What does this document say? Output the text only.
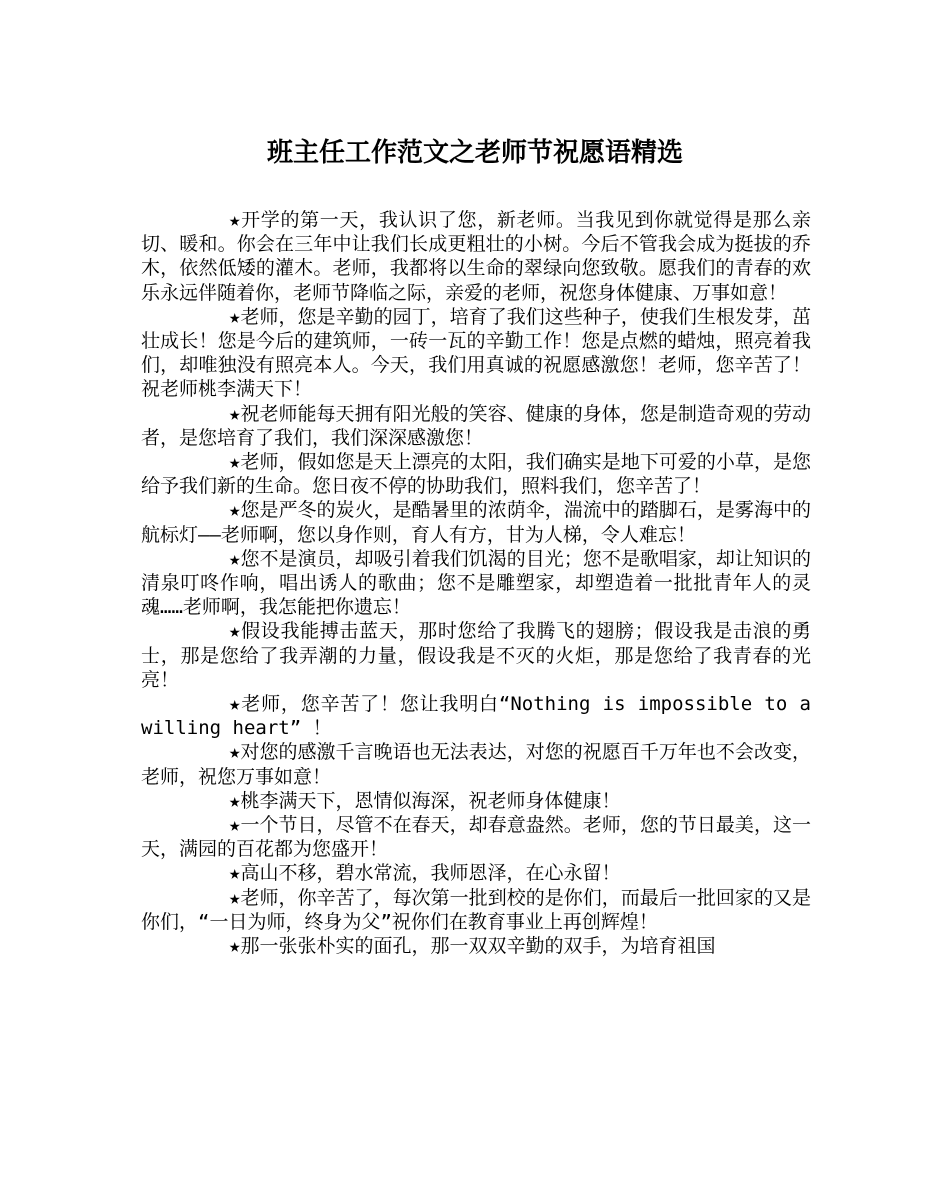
班主任工作范文之老师节祝愿语精选

★开学的第一天，我认识了您，新老师。当我见到你就觉得是那么亲切、暖和。你会在三年中让我们长成更粗壮的小树。今后不管我会成为挺拔的乔木，依然低矮的灌木。老师，我都将以生命的翠绿向您致敬。愿我们的青春的欢乐永远伴随着你，老师节降临之际，亲爱的老师，祝您身体健康、万事如意！

★老师，您是辛勤的园丁，培育了我们这些种子，使我们生根发芽，茁壮成长！您是今后的建筑师，一砖一瓦的辛勤工作！您是点燃的蜡烛，照亮着我们，却唯独没有照亮本人。今天，我们用真诚的祝愿感激您！老师，您辛苦了！祝老师桃李满天下！

★祝老师能每天拥有阳光般的笑容、健康的身体，您是制造奇观的劳动者，是您培育了我们，我们深深感激您！

★老师，假如您是天上漂亮的太阳，我们确实是地下可爱的小草，是您给予我们新的生命。您日夜不停的协助我们，照料我们，您辛苦了！

★您是严冬的炭火，是酷暑里的浓荫伞，湍流中的踏脚石，是雾海中的航标灯——老师啊，您以身作则，育人有方，甘为人梯，令人难忘！

★您不是演员，却吸引着我们饥渴的目光；您不是歌唱家，却让知识的清泉叮咚作响，唱出诱人的歌曲；您不是雕塑家，却塑造着一批批青年人的灵魂……老师啊，我怎能把你遗忘！

★假设我能搏击蓝天，那时您给了我腾飞的翅膀；假设我是击浪的勇士，那是您给了我弄潮的力量，假设我是不灭的火炬，那是您给了我青春的光亮！

★老师，您辛苦了！您让我明白“Nothing is impossible to a willing heart” ！

★对您的感激千言晚语也无法表达，对您的祝愿百千万年也不会改变，老师，祝您万事如意！

★桃李满天下，恩情似海深，祝老师身体健康！

★一个节日，尽管不在春天，却春意盎然。老师，您的节日最美，这一天，满园的百花都为您盛开！

★高山不移，碧水常流，我师恩泽，在心永留！

★老师，你辛苦了，每次第一批到校的是你们，而最后一批回家的又是你们，“一日为师，终身为父”祝你们在教育事业上再创辉煌！

★那一张张朴实的面孔，那一双双辛勤的双手，为培育祖国
